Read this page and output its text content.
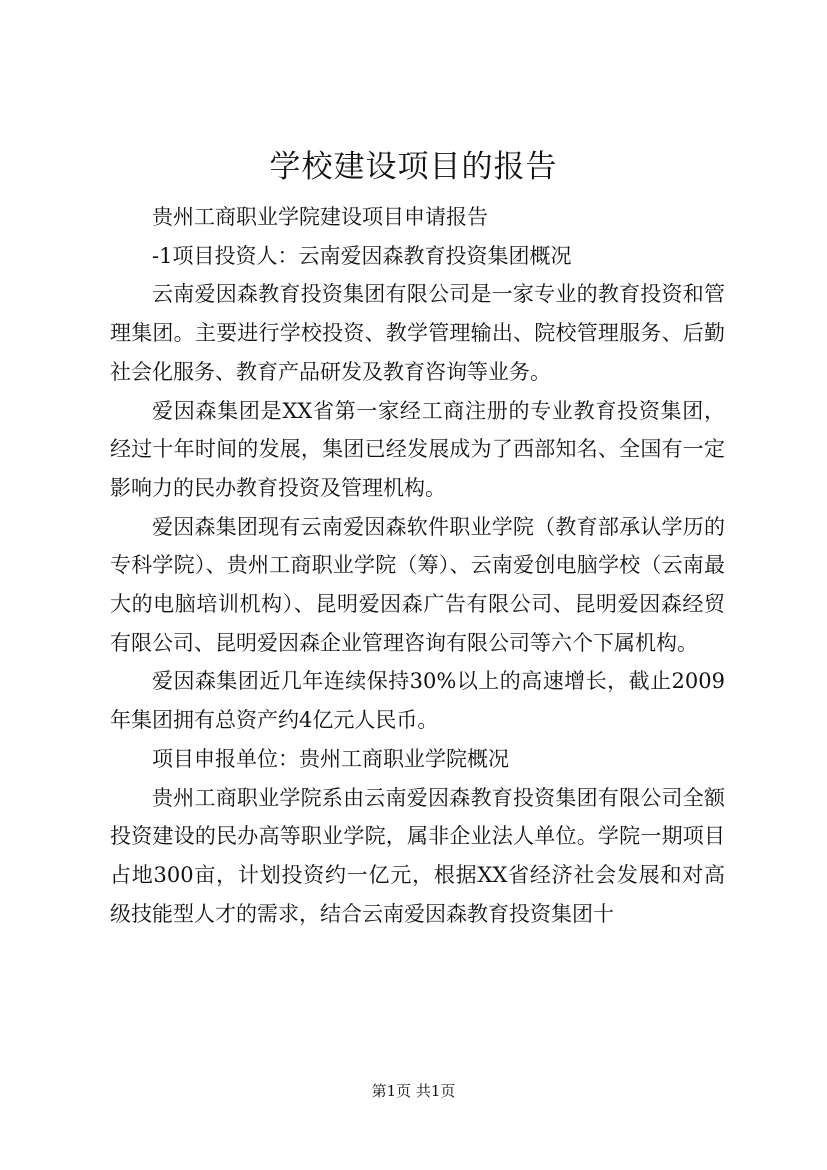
学校建设项目的报告

贵州工商职业学院建设项目申请报告

-1项目投资人：云南爱因森教育投资集团概况

云南爱因森教育投资集团有限公司是一家专业的教育投资和管理集团。主要进行学校投资、教学管理输出、院校管理服务、后勤社会化服务、教育产品研发及教育咨询等业务。

爱因森集团是XX省第一家经工商注册的专业教育投资集团，经过十年时间的发展，集团已经发展成为了西部知名、全国有一定影响力的民办教育投资及管理机构。

爱因森集团现有云南爱因森软件职业学院（教育部承认学历的专科学院）、贵州工商职业学院（筹）、云南爱创电脑学校（云南最大的电脑培训机构）、昆明爱因森广告有限公司、昆明爱因森经贸有限公司、昆明爱因森企业管理咨询有限公司等六个下属机构。

爱因森集团近几年连续保持30%以上的高速增长，截止2009年集团拥有总资产约4亿元人民币。

项目申报单位：贵州工商职业学院概况

贵州工商职业学院系由云南爱因森教育投资集团有限公司全额投资建设的民办高等职业学院，属非企业法人单位。学院一期项目占地300亩，计划投资约一亿元，根据XX省经济社会发展和对高级技能型人才的需求，结合云南爱因森教育投资集团十

第1页 共1页
